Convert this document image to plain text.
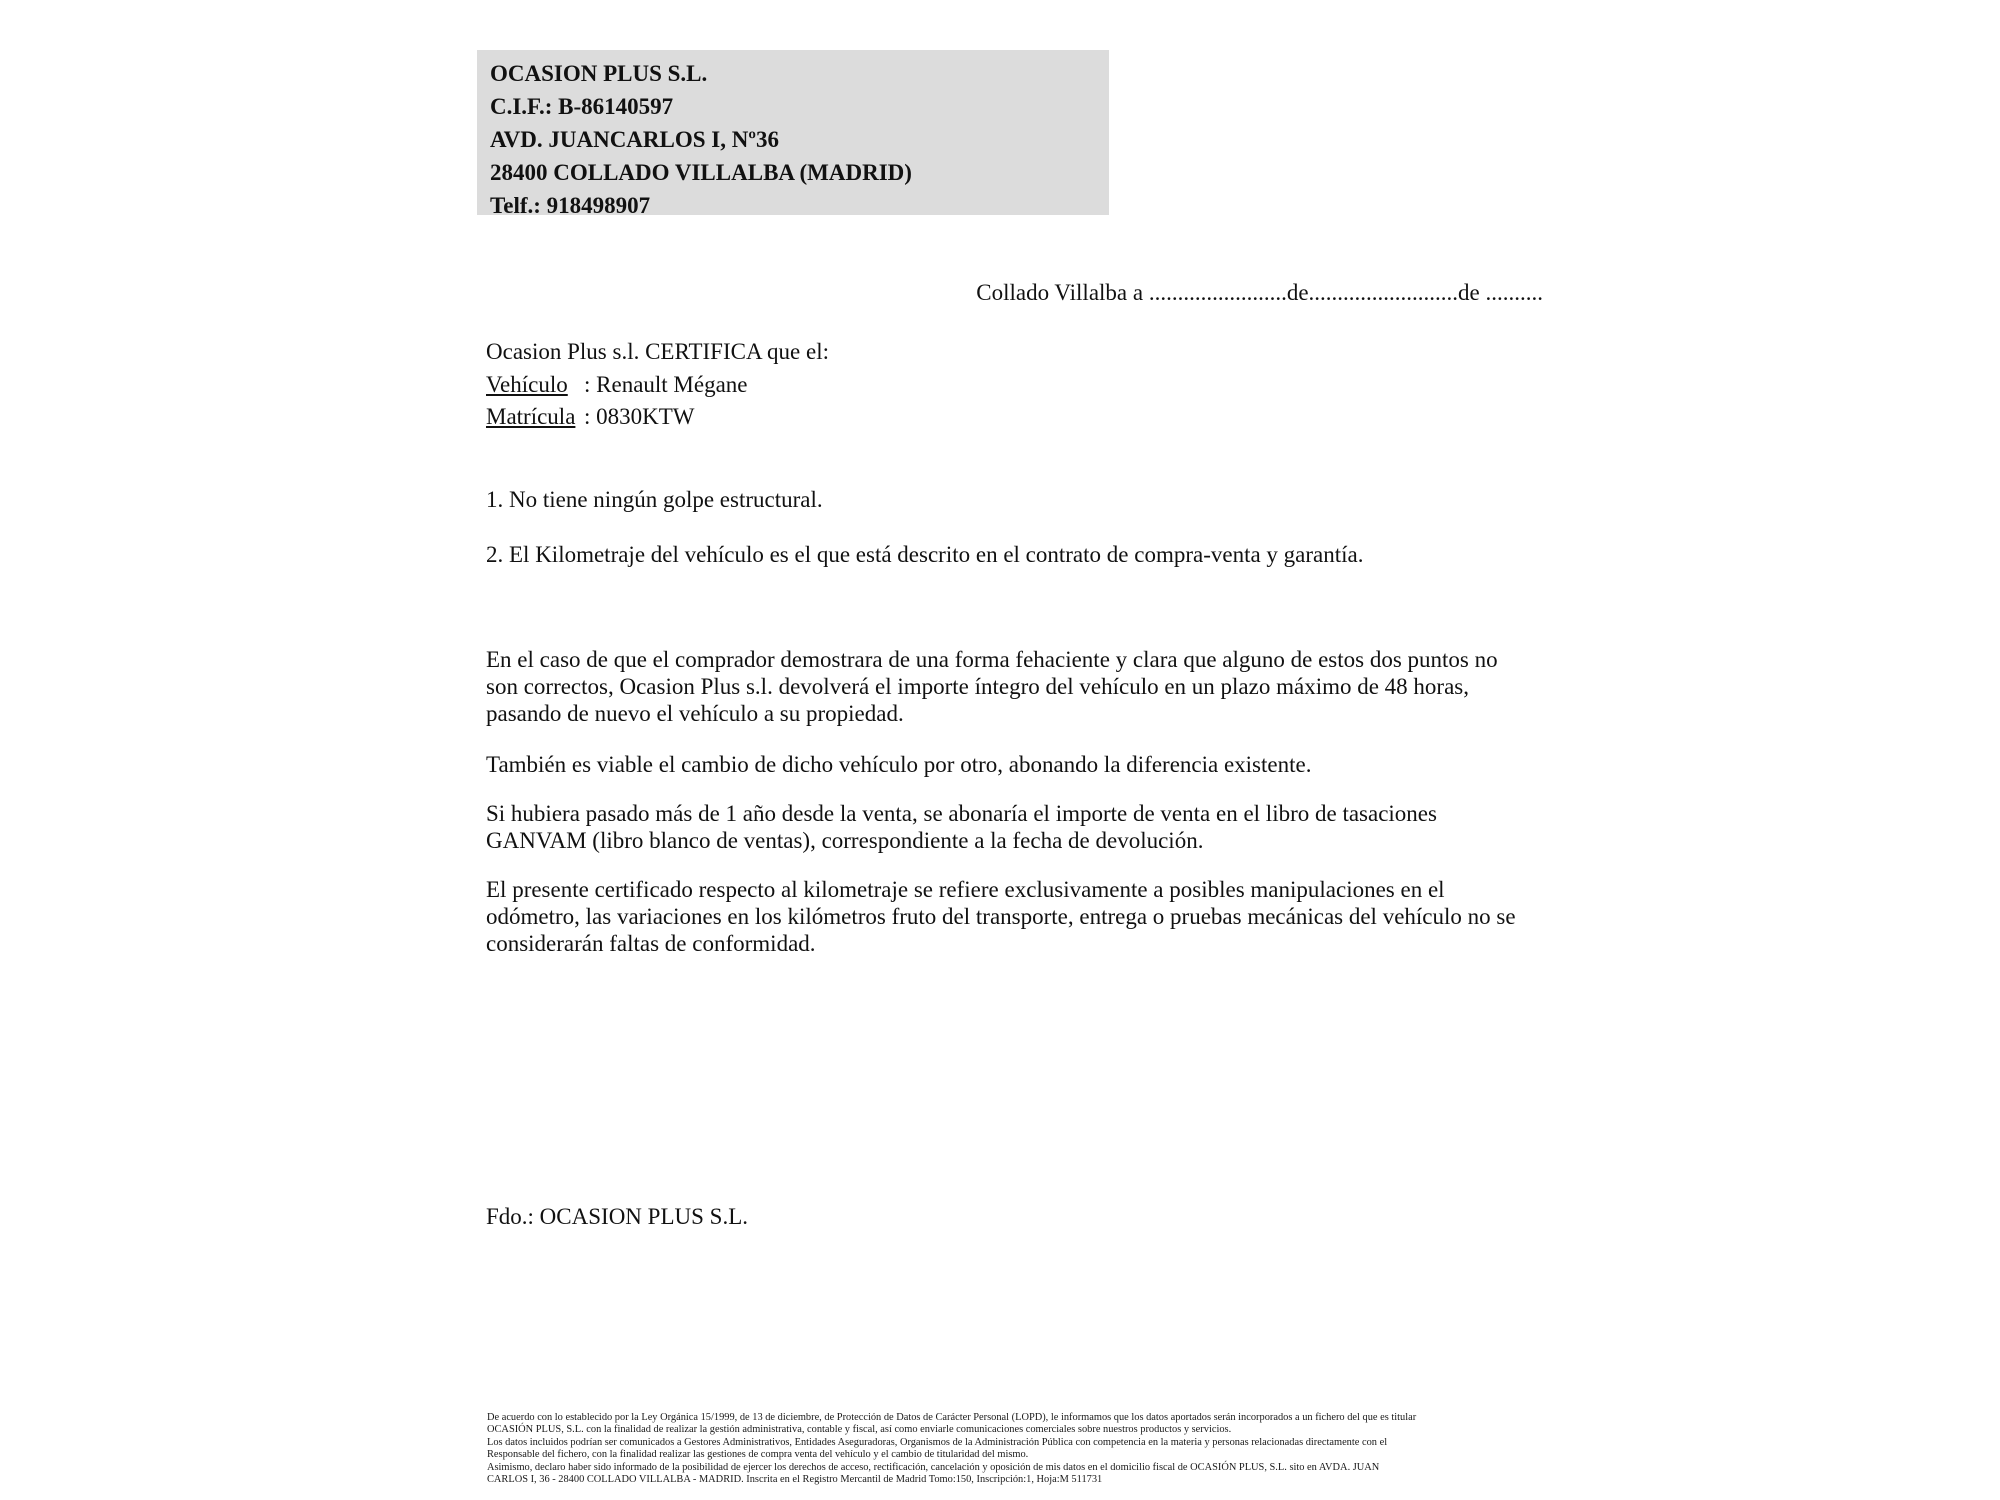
OCASION PLUS S.L.
C.I.F.: B-86140597
AVD. JUANCARLOS I, Nº36
28400 COLLADO VILLALBA (MADRID)
Telf.: 918498907
Collado Villalba a ........................de..........................de ..........
Ocasion Plus s.l. CERTIFICA que el:
Vehículo : Renault Mégane
Matrícula : 0830KTW
1. No tiene ningún golpe estructural.
2. El Kilometraje del vehículo es el que está descrito en el contrato de compra-venta y garantía.
En el caso de que el comprador demostrara de una forma fehaciente y clara que alguno de estos dos puntos no son correctos, Ocasion Plus s.l. devolverá el importe íntegro del vehículo en un plazo máximo de 48 horas, pasando de nuevo el vehículo a su propiedad.
También es viable el cambio de dicho vehículo por otro, abonando la diferencia existente.
Si hubiera pasado más de 1 año desde la venta, se abonaría el importe de venta en el libro de tasaciones GANVAM (libro blanco de ventas), correspondiente a la fecha de devolución.
El presente certificado respecto al kilometraje se refiere exclusivamente a posibles manipulaciones en el odómetro, las variaciones en los kilómetros fruto del transporte, entrega o pruebas mecánicas del vehículo no se considerarán faltas de conformidad.
Fdo.: OCASION PLUS S.L.
De acuerdo con lo establecido por la Ley Orgánica 15/1999, de 13 de diciembre, de Protección de Datos de Carácter Personal (LOPD), le informamos que los datos aportados serán incorporados a un fichero del que es titular
OCASIÓN PLUS, S.L. con la finalidad de realizar la gestión administrativa, contable y fiscal, así como enviarle comunicaciones comerciales sobre nuestros productos y servicios.
Los datos incluidos podrían ser comunicados a Gestores Administrativos, Entidades Aseguradoras, Organismos de la Administración Pública con competencia en la materia y personas relacionadas directamente con el
Responsable del fichero, con la finalidad realizar las gestiones de compra venta del vehículo y el cambio de titularidad del mismo.
Asimismo, declaro haber sido informado de la posibilidad de ejercer los derechos de acceso, rectificación, cancelación y oposición de mis datos en el domicilio fiscal de OCASIÓN PLUS, S.L. sito en AVDA. JUAN
CARLOS I, 36 - 28400 COLLADO VILLALBA - MADRID. Inscrita en el Registro Mercantil de Madrid Tomo:150, Inscripción:1, Hoja:M 511731
